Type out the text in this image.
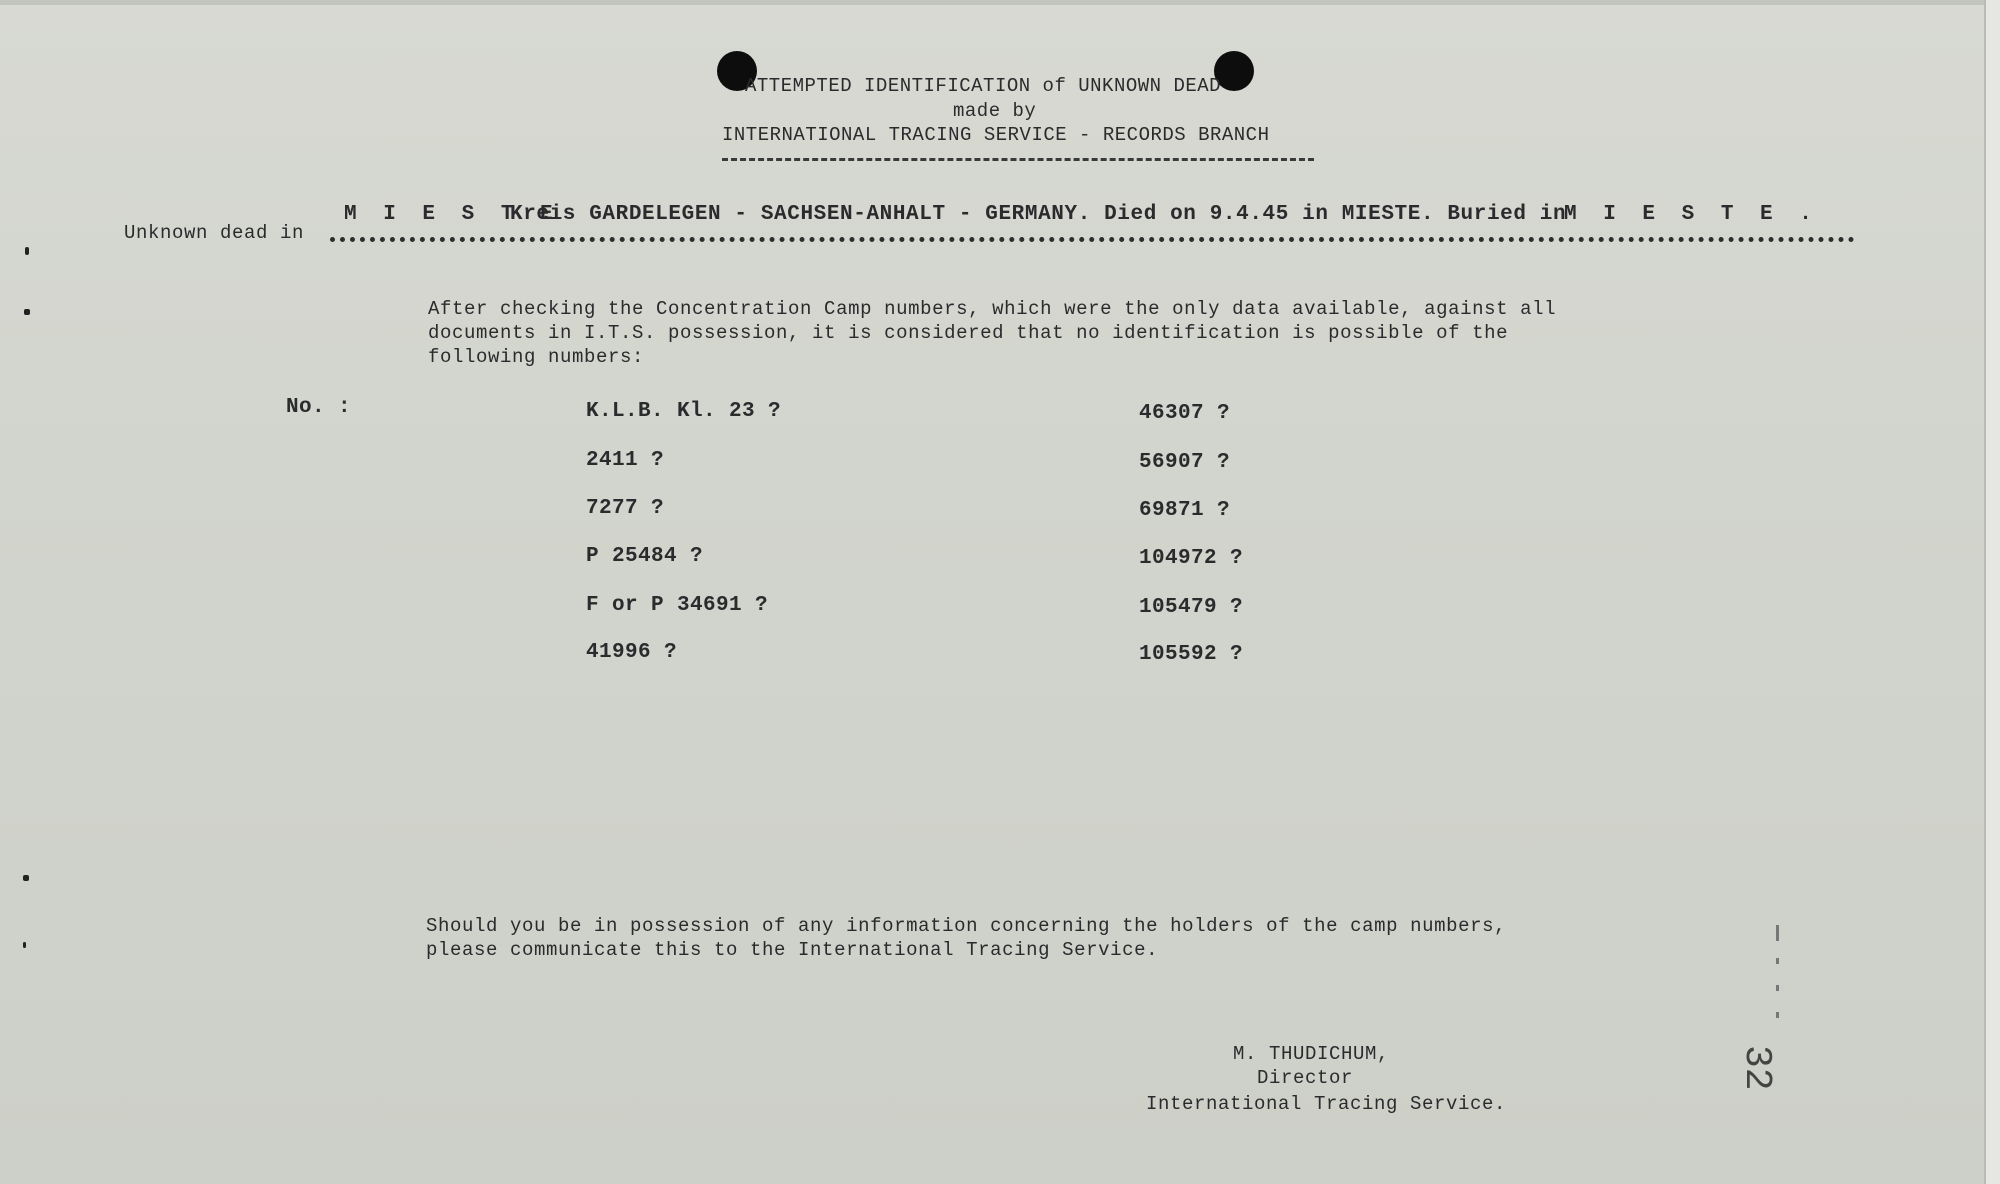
ATTEMPTED IDENTIFICATION of UNKNOWN DEAD
made by
INTERNATIONAL TRACING SERVICE - RECORDS BRANCH
Unknown dead in
M I E S T E
Kreis GARDELEGEN - SACHSEN-ANHALT - GERMANY. Died on 9.4.45 in MIESTE. Buried in
M I E S T E .
After checking the Concentration Camp numbers, which were the only data available, against all
documents in I.T.S. possession, it is considered that no identification is possible of the
following numbers:
No. :	K.L.B. Kl. 23 ?
2411 ?
7277 ?
P 25484 ?
F or P 34691 ?
41996 ?
46307 ?
56907 ?
69871 ?
104972 ?
105479 ?
105592 ?
Should you be in possession of any information concerning the holders of the camp numbers,
please communicate this to the International Tracing Service.
M. THUDICHUM,
Director
International Tracing Service.
32
